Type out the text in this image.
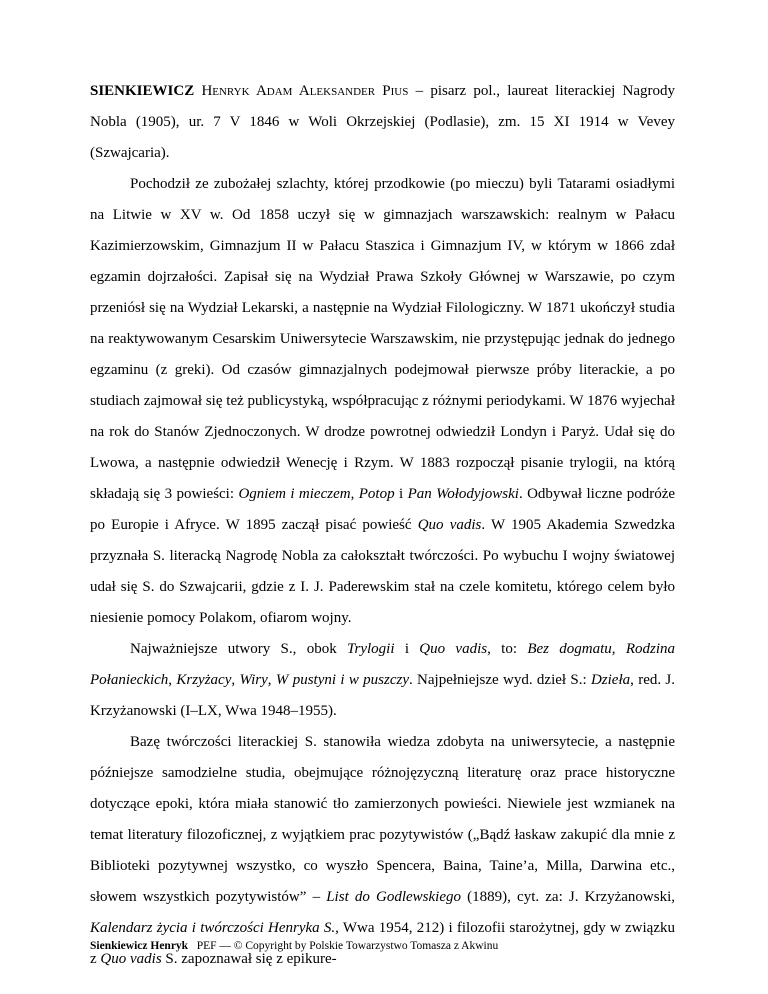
SIENKIEWICZ Henryk Adam Aleksander Pius – pisarz pol., laureat literackiej Nagrody Nobla (1905), ur. 7 V 1846 w Woli Okrzejskiej (Podlasie), zm. 15 XI 1914 w Vevey (Szwajcaria).

Pochodził ze zubożałej szlachty, której przodkowie (po mieczu) byli Tatarami osiadłymi na Litwie w XV w. Od 1858 uczył się w gimnazjach warszawskich: realnym w Pałacu Kazimierzowskim, Gimnazjum II w Pałacu Staszica i Gimnazjum IV, w którym w 1866 zdał egzamin dojrzałości. Zapisał się na Wydział Prawa Szkoły Głównej w Warszawie, po czym przeniósł się na Wydział Lekarski, a następnie na Wydział Filologiczny. W 1871 ukończył studia na reaktywowanym Cesarskim Uniwersytecie Warszawskim, nie przystępując jednak do jednego egzaminu (z greki). Od czasów gimnazjalnych podejmował pierwsze próby literackie, a po studiach zajmował się też publicystyką, współpracując z różnymi periodykami. W 1876 wyjechał na rok do Stanów Zjednoczonych. W drodze powrotnej odwiedził Londyn i Paryż. Udał się do Lwowa, a następnie odwiedził Wenecję i Rzym. W 1883 rozpoczął pisanie trylogii, na którą składają się 3 powieści: Ogniem i mieczem, Potop i Pan Wołodyjowski. Odbywał liczne podróże po Europie i Afryce. W 1895 zaczął pisać powieść Quo vadis. W 1905 Akademia Szwedzka przyznała S. literacką Nagrodę Nobla za całokształt twórczości. Po wybuchu I wojny światowej udał się S. do Szwajcarii, gdzie z I. J. Paderewskim stał na czele komitetu, którego celem było niesienie pomocy Polakom, ofiarom wojny.

Najważniejsze utwory S., obok Trylogii i Quo vadis, to: Bez dogmatu, Rodzina Połanieckich, Krzyżacy, Wiry, W pustyni i w puszczy. Najpełniejsze wyd. dzieł S.: Dzieła, red. J. Krzyżanowski (I–LX, Wwa 1948–1955).

Bazę twórczości literackiej S. stanowiła wiedza zdobyta na uniwersytecie, a następnie późniejsze samodzielne studia, obejmujące różnojęzyczną literaturę oraz prace historyczne dotyczące epoki, która miała stanowić tło zamierzonych powieści. Niewiele jest wzmianek na temat literatury filozoficznej, z wyjątkiem prac pozytywistów („Bądź łaskaw zakupić dla mnie z Biblioteki pozytywnej wszystko, co wyszło Spencera, Baina, Taine’a, Milla, Darwina etc., słowem wszystkich pozytywistów” – List do Godlewskiego (1889), cyt. za: J. Krzyżanowski, Kalendarz życia i twórczości Henryka S., Wwa 1954, 212) i filozofii starożytnej, gdy w związku z Quo vadis S. zapoznawał się z epikure-

Sienkiewicz Henryk PEF — © Copyright by Polskie Towarzystwo Tomasza z Akwinu
